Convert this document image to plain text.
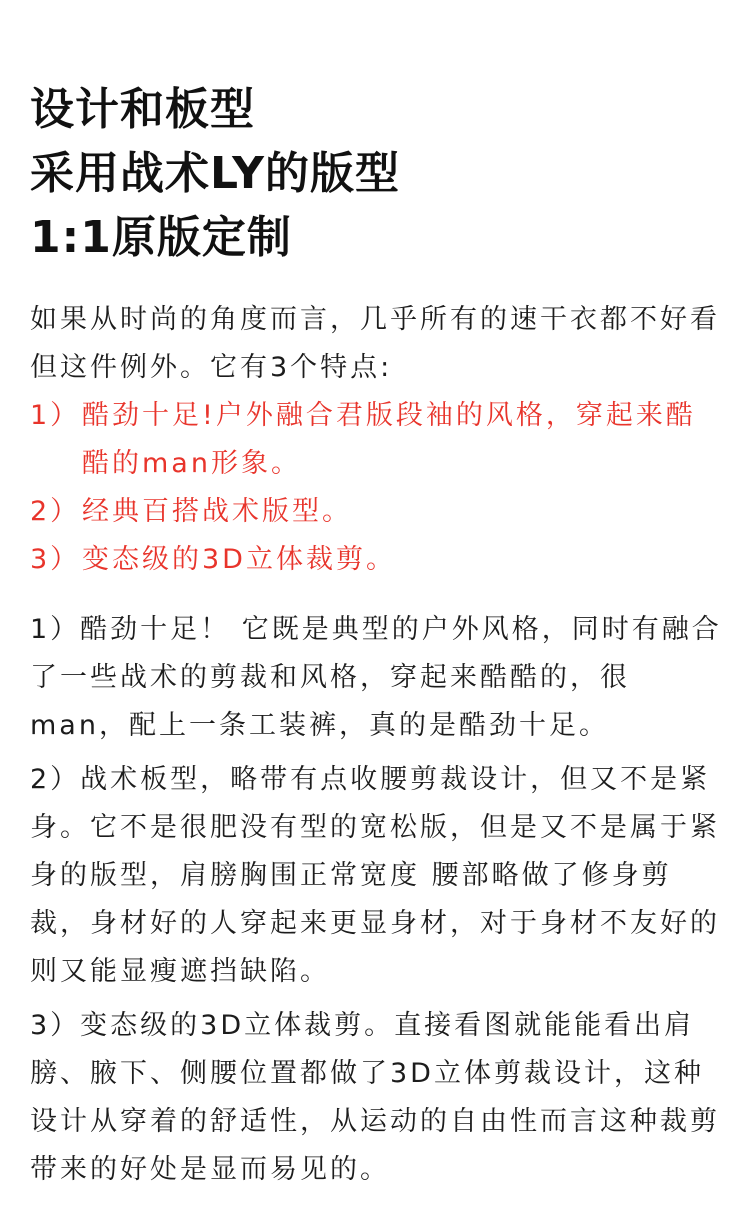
设计和板型
采用战术LY的版型
1:1原版定制
如果从时尚的角度而言，几乎所有的速干衣都不好看但这件例外。它有3个特点:
1） 酷劲十足!户外融合君版段袖的风格，穿起来酷酷的man形象。
2） 经典百搭战术版型。
3） 变态级的3D立体裁剪。

1）酷劲十足！ 它既是典型的户外风格，同时有融合了一些战术的剪裁和风格，穿起来酷酷的，很man，配上一条工装裤，真的是酷劲十足。

2）战术板型，略带有点收腰剪裁设计，但又不是紧身。它不是很肥没有型的宽松版，但是又不是属于紧身的版型，肩膀胸围正常宽度 腰部略做了修身剪裁，身材好的人穿起来更显身材，对于身材不友好的则又能显瘦遮挡缺陷。

3）变态级的3D立体裁剪。直接看图就能能看出肩膀、腋下、侧腰位置都做了3D立体剪裁设计，这种设计从穿着的舒适性，从运动的自由性而言这种裁剪带来的好处是显而易见的。
